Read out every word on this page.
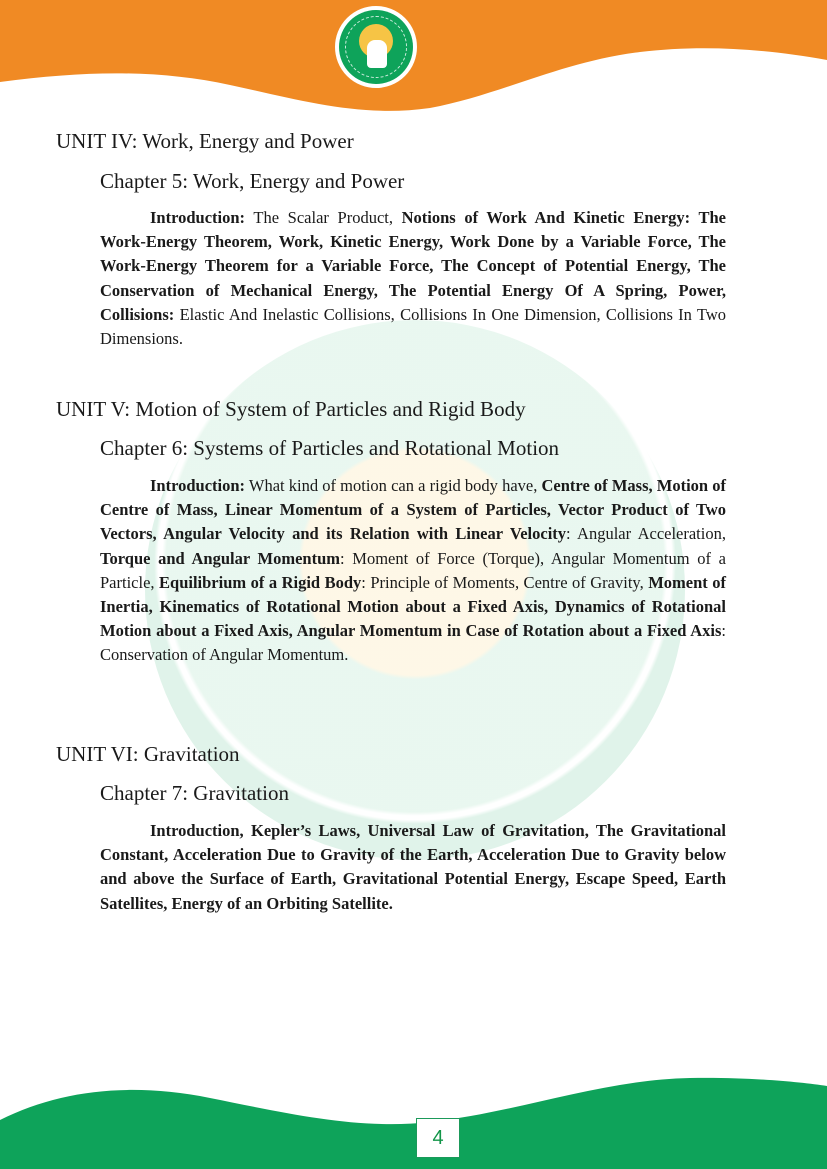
UNIT IV: Work, Energy and Power
Chapter 5: Work, Energy and Power

Introduction: The Scalar Product, Notions of Work And Kinetic Energy: The Work-Energy Theorem, Work, Kinetic Energy, Work Done by a Variable Force, The Work-Energy Theorem for a Variable Force, The Concept of Potential Energy, The Conservation of Mechanical Energy, The Potential Energy Of A Spring, Power, Collisions: Elastic And Inelastic Collisions, Collisions In One Dimension, Collisions In Two Dimensions.

UNIT V: Motion of System of Particles and Rigid Body
Chapter 6: Systems of Particles and Rotational Motion

Introduction: What kind of motion can a rigid body have, Centre of Mass, Motion of Centre of Mass, Linear Momentum of a System of Particles, Vector Product of Two Vectors, Angular Velocity and its Relation with Linear Velocity: Angular Acceleration, Torque and Angular Momentum: Moment of Force (Torque), Angular Momentum of a Particle, Equilibrium of a Rigid Body: Principle of Moments, Centre of Gravity, Moment of Inertia, Kinematics of Rotational Motion about a Fixed Axis, Dynamics of Rotational Motion about a Fixed Axis, Angular Momentum in Case of Rotation about a Fixed Axis: Conservation of Angular Momentum.

UNIT VI: Gravitation
Chapter 7: Gravitation

Introduction, Kepler’s Laws, Universal Law of Gravitation, The Gravitational Constant, Acceleration Due to Gravity of the Earth, Acceleration Due to Gravity below and above the Surface of Earth, Gravitational Potential Energy, Escape Speed, Earth Satellites, Energy of an Orbiting Satellite.

4
